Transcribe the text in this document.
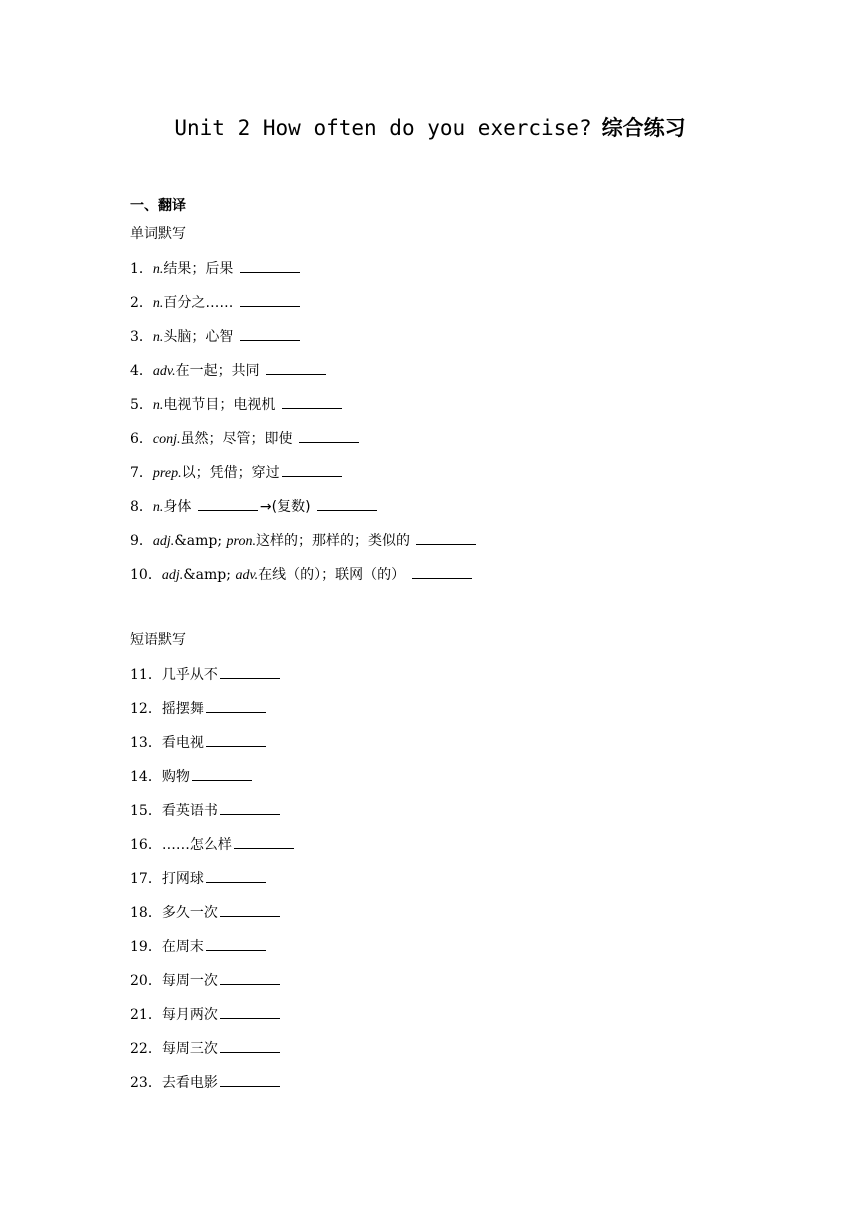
Unit 2 How often do you exercise? 综合练习
一、翻译
单词默写
1．n.结果；后果
2．n.百分之……
3．n.头脑；心智
4．adv.在一起；共同
5．n.电视节目；电视机
6．conj.虽然；尽管；即使
7．prep.以；凭借；穿过
8．n.身体	→(复数)
9．adj.&amp; pron.这样的；那样的；类似的
10．adj.&amp; adv.在线（的）；联网（的）
短语默写
11．几乎从不
12．摇摆舞
13．看电视
14．购物
15．看英语书
16．……怎么样
17．打网球
18．多久一次
19．在周末
20．每周一次
21．每月两次
22．每周三次
23．去看电影
